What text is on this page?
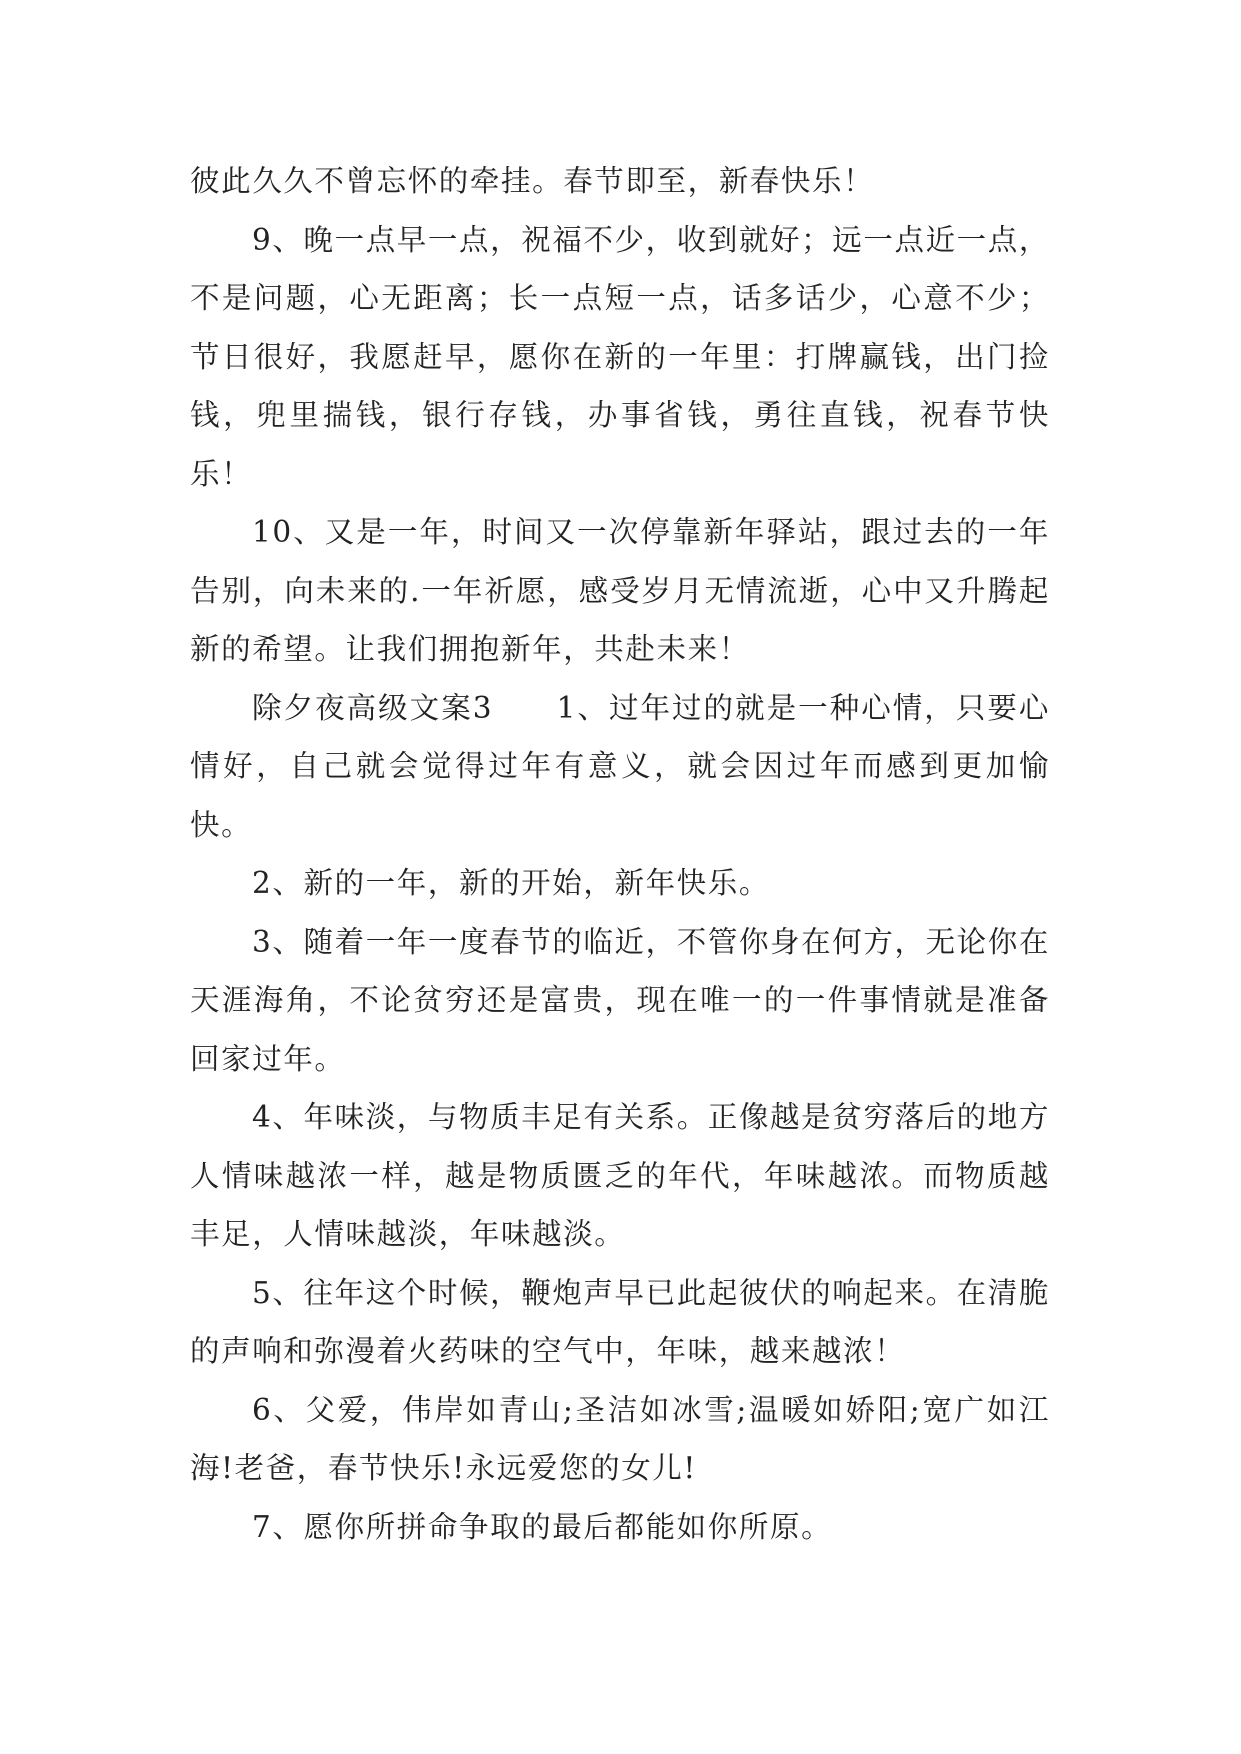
彼此久久不曾忘怀的牵挂。春节即至，新春快乐！

9、晚一点早一点，祝福不少，收到就好；远一点近一点，不是问题，心无距离；长一点短一点，话多话少，心意不少；节日很好，我愿赶早，愿你在新的一年里：打牌赢钱，出门捡钱，兜里揣钱，银行存钱，办事省钱，勇往直钱，祝春节快乐！

10、又是一年，时间又一次停靠新年驿站，跟过去的一年告别，向未来的.一年祈愿，感受岁月无情流逝，心中又升腾起新的希望。让我们拥抱新年，共赴未来！

除夕夜高级文案3　　1、过年过的就是一种心情，只要心情好，自己就会觉得过年有意义，就会因过年而感到更加愉快。

2、新的一年，新的开始，新年快乐。

3、随着一年一度春节的临近，不管你身在何方，无论你在天涯海角，不论贫穷还是富贵，现在唯一的一件事情就是准备回家过年。

4、年味淡，与物质丰足有关系。正像越是贫穷落后的地方人情味越浓一样，越是物质匮乏的年代，年味越浓。而物质越丰足，人情味越淡，年味越淡。

5、往年这个时候，鞭炮声早已此起彼伏的响起来。在清脆的声响和弥漫着火药味的空气中，年味，越来越浓！

6、父爱，伟岸如青山;圣洁如冰雪;温暖如娇阳;宽广如江海!老爸，春节快乐!永远爱您的女儿!

7、愿你所拼命争取的最后都能如你所原。
